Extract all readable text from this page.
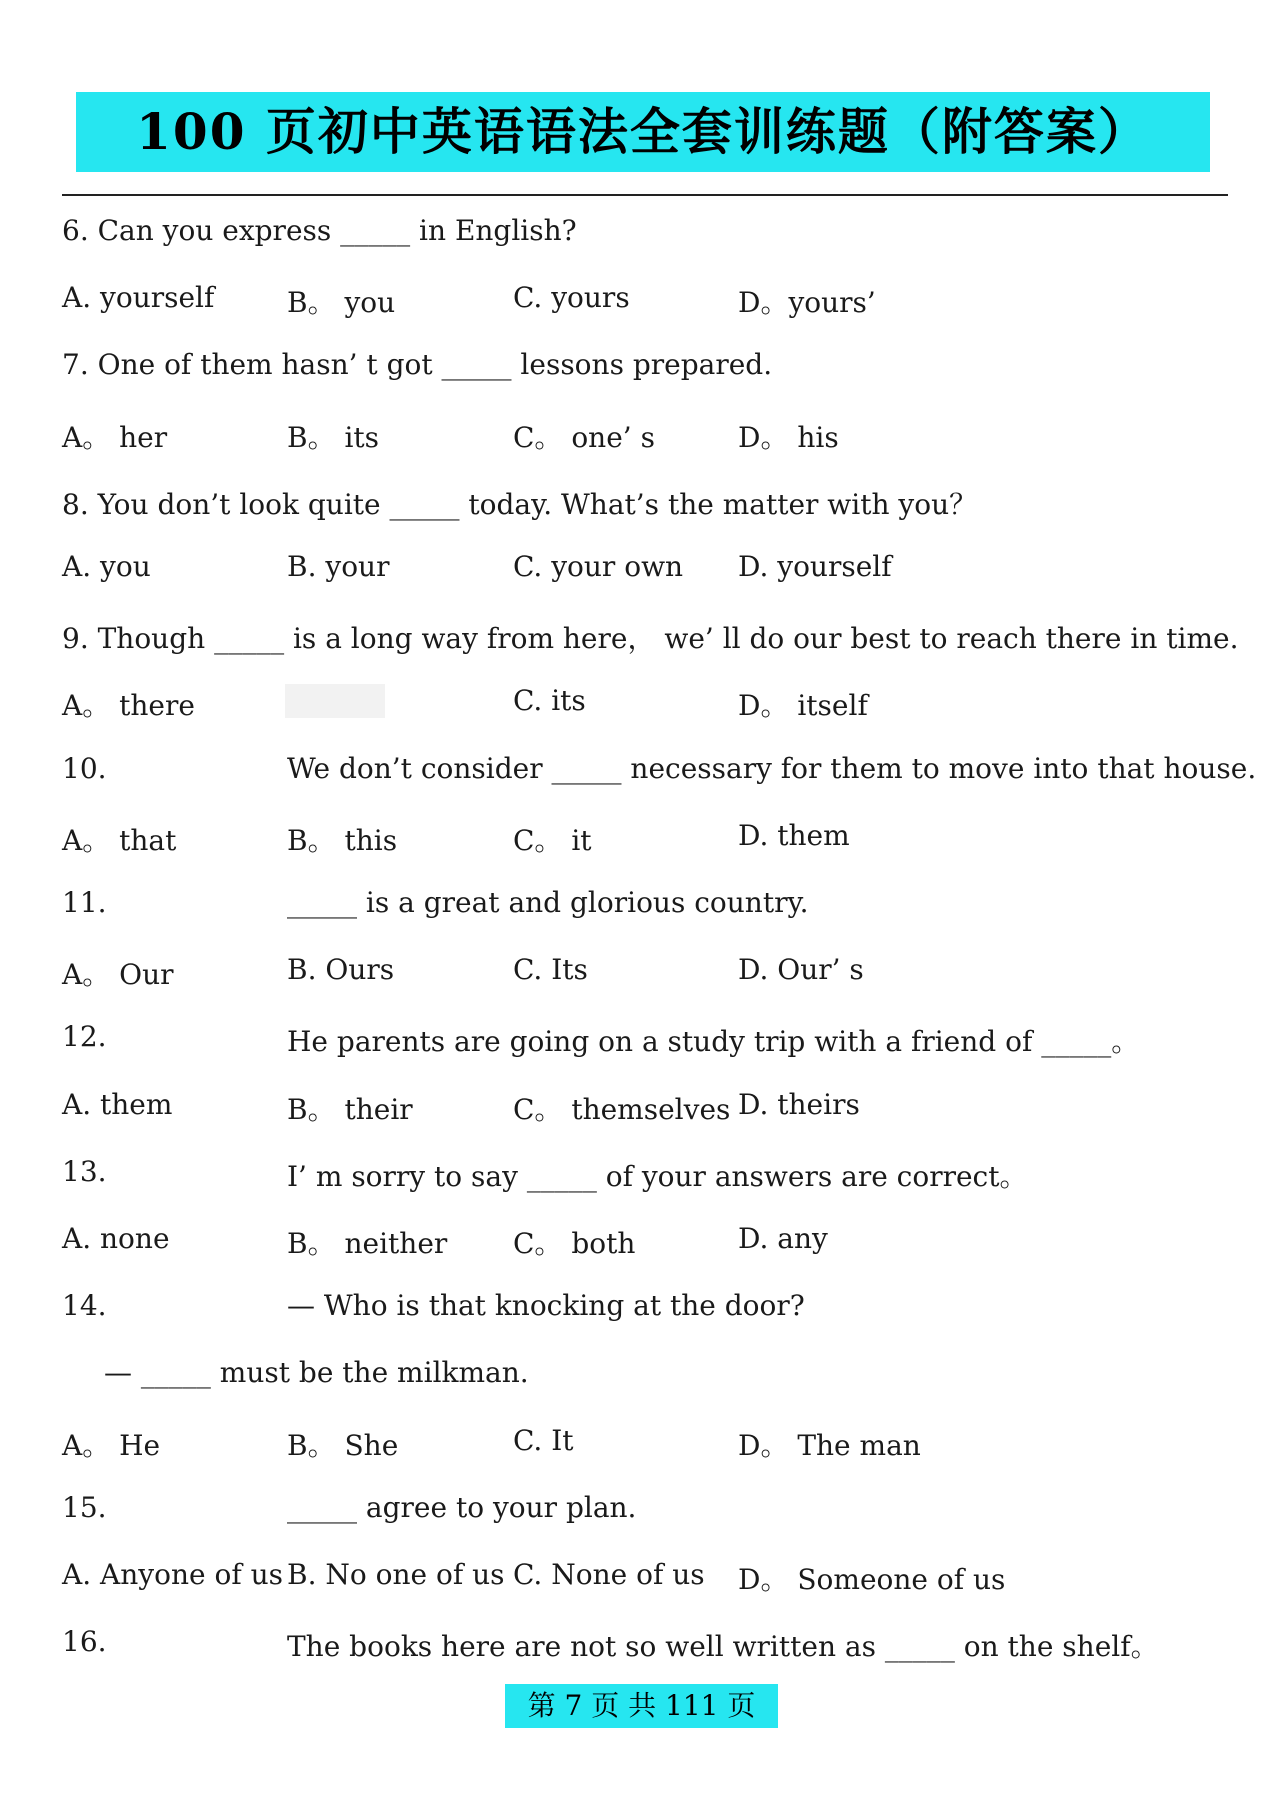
100 页初中英语语法全套训练题（附答案）
6. Can you express _____ in English?
A. yourself	B。 you	C. yours	D。yours’
7. One of them hasn’ t got _____ lessons prepared.
A。 her	B。 its	C。 one’ s	D。 his
8. You don’t look quite _____ today. What’s the matter with you？
A. you	B. your	C. your own D. yourself
9. Though _____ is a long way from here， we’ ll do our best to reach there in time.
A。 there	C. its	D。 itself
10.	We don’t consider _____ necessary for them to move into that house.
A。 that	B。 this	C。 it	D. them
11.	_____ is a great and glorious country.
A。 Our	B. Ours	C. Its	D. Our’ s
12.	He parents are going on a study trip with a friend of _____。
A. them	B。 their	C。 themselves D. theirs
13.	I’ m sorry to say _____ of your answers are correct。
A. none	B。 neither C。 both	D. any
14.	— Who is that knocking at the door?
— _____ must be the milkman.
A。 He	B。 She	C. It	D。 The man
15.	_____ agree to your plan.
A. Anyone of us B. No one of us C. None of us D。 Someone of us
16.	The books here are not so well written as _____ on the shelf。
第 7 页 共 111 页
